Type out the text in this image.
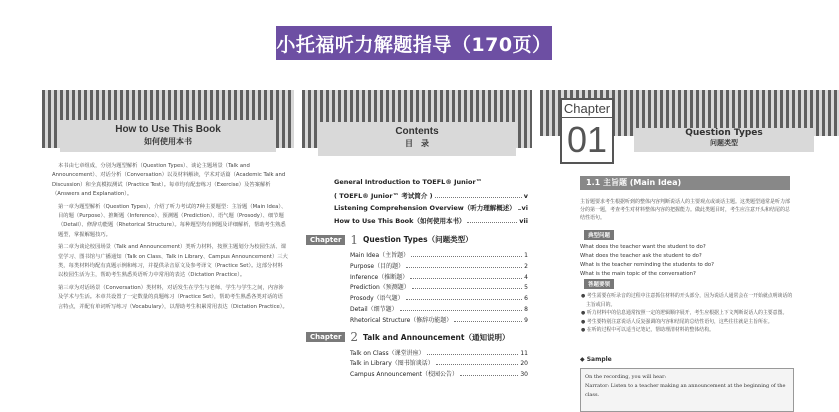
小托福听力解题指导（170页）
How to Use This Book
如何使用本书

本书由七章组成，分别为题型解析（Question Types）、谈论主题场景（Talk and Announcement）、对话分析（Conversation）以及材料解读，学术对话篇（Academic Talk and Discussion）和全真模拟测试（Practice Test）。每章均有配套练习（Exercise）及答案解析（Answers and Explanation）。

第一章为题型解析（Question Types），介绍了听力考试的7种主要题型：主旨题（Main Idea）、目的题（Purpose）、推断题（Inference）、预测题（Prediction）、语气题（Prosody）、细节题（Detail）、修辞功能题（Rhetorical Structure）。每种题型均有例题及详细解析，帮助考生熟悉题型，掌握解题技巧。

第二章为谈论校园场景（Talk and Announcement）类听力材料，按照主题划分为校园生活、课堂学习、图书馆与广播通知（Talk on Class、Talk in Library、Campus Announcement）三大类，每类材料均配有真题示例和练习，并提供录音原文及参考译文（Practice Set）。这部分材料以校园生活为主，帮助考生熟悉英语听力中常用的表达（Dictation Practice）。

第三章为对话场景（Conversation）类材料，对话发生在学生与老师、学生与学生之间，内容涉及学术与生活。本章共设置了一定数量的真题练习（Practice Set），帮助考生熟悉各类对话的语言特点，并配有单词听写练习（Vocabulary），以帮助考生积累常用表达（Dictation Practice）。

Contents
目　录
General Introduction to TOEFL® Junior™
( TOEFL® Junior™ 考试简介 )	v
Listening Comprehension Overview（听力理解概述） vi
How to Use This Book（如何使用本书）	vii
Chapter 1 Question Types（问题类型）
Main Idea（主旨题）	1
Purpose（目的题）	2
Inference（推断题）	4
Prediction（预测题）	5
Prosody（语气题）	6
Detail（细节题）	8
Rhetorical Structure（修辞功能题）	9
Chapter 2 Talk and Announcement（通知说明）
Talk on Class（课堂讲座）	11
Talk in Library（图书馆谈话）	20
Campus Announcement（校园公告）	30
Chapter
01	Question Types
问题类型
1.1 主旨题 (Main Idea)
主旨题要求考生根据听到的整体内容判断说话人的主要观点或谈话主题。这类题型通常是听力部分的第一题，考查考生对材料整体内容的把握能力。做此类题目时，考生应注意开头和结尾的总结性语句。
典型问题
What does the teacher want the student to do?
What does the teacher ask the student to do?
What is the teacher reminding the students to do?
What is the main topic of the conversation?
答题要领
● 考生需要在听录音的过程中注意抓住材料的开头部分，因为说话人通常会在一开始就点明谈话的主旨或目的。
● 听力材料中的信息通常按照一定的逻辑顺序展开，考生应根据上下文判断说话人的主要意图。
● 考生要特别注意说话人反复强调的内容和结尾的总结性语句，这些往往就是主旨所在。
● 在听的过程中可以适当记笔记，帮助理清材料的整体结构。
◆ Sample
On the recording, you will hear:
Narrator: Listen to a teacher making an announcement at the beginning of the class.
